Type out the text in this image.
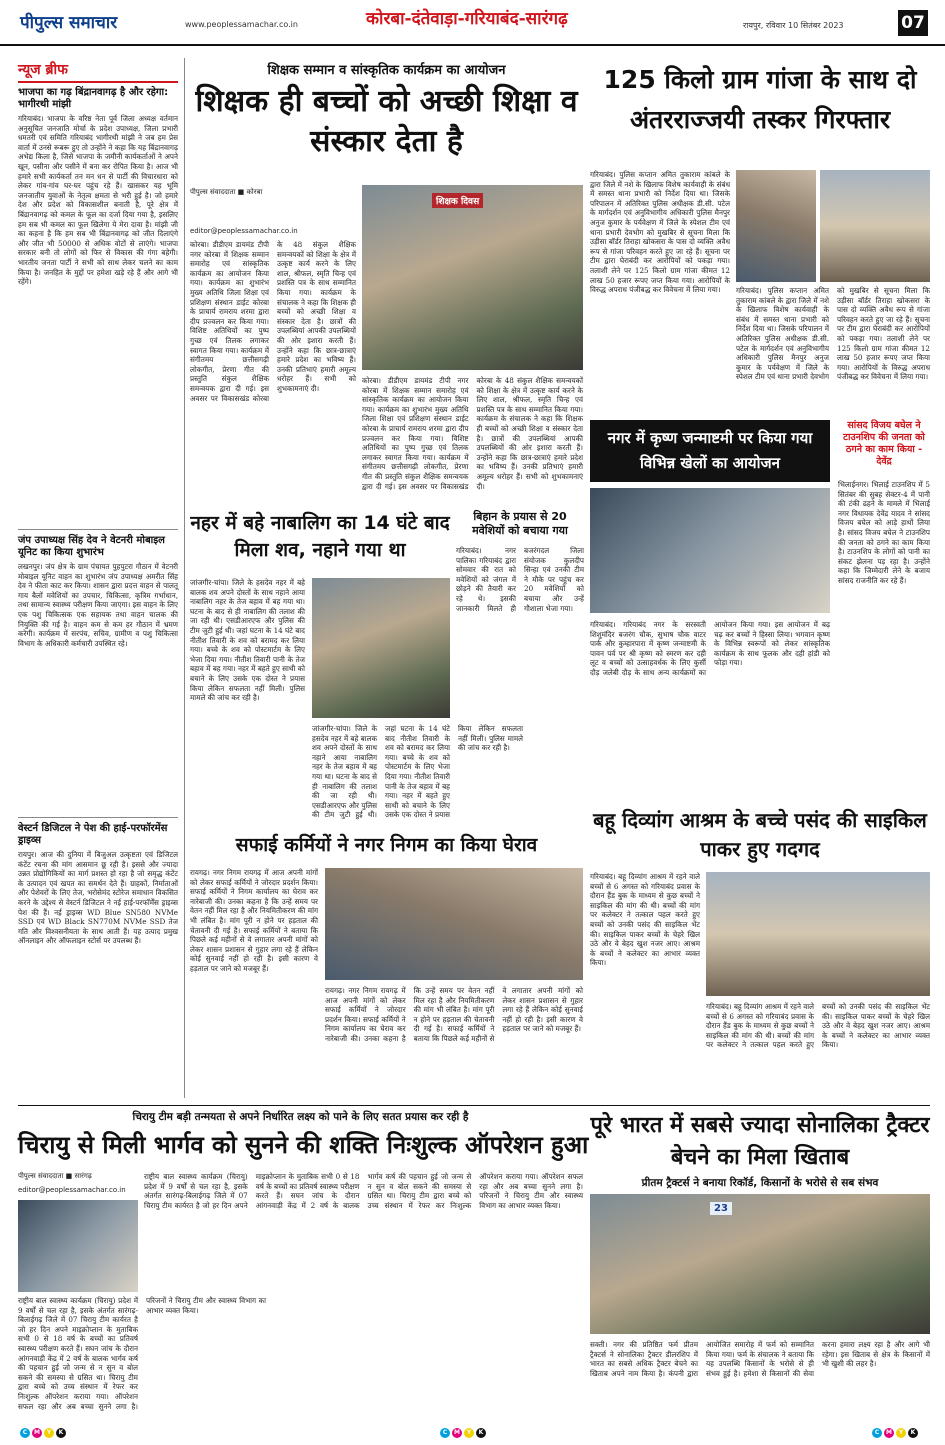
पीपुल्स समाचार	www.peoplessamachar.co.in	कोरबा-दंतेवाड़ा-गरियाबंद-सारंगढ़	रायपुर, रविवार 10 सितंबर 2023	07
न्यूज ब्रीफ
भाजपा का गढ़ बिंद्रानवागढ़ है और रहेगा: भागीरथी मांझी
गरियाबंद। भाजपा के वरिष्ठ नेता पूर्व जिला अध्यक्ष वर्तमान अनुसूचित जनजाति मोर्चा के प्रदेश उपाध्यक्ष, जिला प्रभारी धमतरी एवं समिति गरियाबंद भागीरथी मांझी ने जब हम प्रेस वार्ता में उनसे रूबरू हुए तो उन्होंने ने कहा कि यह बिंद्रानवागढ़ अभेद्य किला है, जिसे भाजपा के जमीनी कार्यकर्ताओं ने अपने खून, पसीना और पसीने में बना कर रोपित किया है। आज भी हमारे सभी कार्यकर्ता तन मन धन से पार्टी की विचारधारा को लेकर गांव-गांव घर-घर पहुंच रहे हैं। खासकर यह भूमि जनजातीय युवाओं के नेतृत्व क्षमता से भरी हुई है। जो हमारे देश और प्रदेश को विकासशील बनाती है, पूरे क्षेत्र में बिंद्रानवागढ़ को कमल के फूल का दर्जा दिया गया है, इसलिए हम सब भी कमल का फूल खिलेगा ये मेरा दावा है। मांझी जी का कहना है कि हम सब भी बिंद्रानवागढ़ को जीत दिलाएंगे और जीत भी 50000 से अधिक वोटों से लाएंगे। भाजपा सरकार बनी तो लोगों को फिर से विकास की गंगा बहेगी। भारतीय जनता पार्टी ने सभी को साथ लेकर चलने का काम किया है। जनहित के मुद्दों पर हमेशा खड़े रहे हैं और आगे भी रहेंगे।
जंप उपाध्यक्ष सिंह देव ने वेटनरी मोबाइल यूनिट का किया शुभारंभ
लखनपुर। जंप क्षेत्र के ग्राम पंचायत पुहपुटरा गौठान में वेटनरी मोबाइल यूनिट वाहन का शुभारंभ जंप उपाध्यक्ष अमरीत सिंह देव ने फीता काट कर किया। शासन द्वारा प्रदत्त वाहन से पालतू गाय बैलों मवेशियों का उपचार, चिकित्सा, कृत्रिम गर्भाधान, तथा सामान्य स्वास्थ्य परीक्षण किया जाएगा। इस वाहन के लिए एक पशु चिकित्सक एक सहायक तथा वाहन चालक की नियुक्ति की गई है। वाहन कम से कम हर गौठान में भ्रमण करेगी। कार्यक्रम में सरपंच, सचिव, ग्रामीण व पशु चिकित्सा विभाग के अधिकारी कर्मचारी उपस्थित रहे।
वेस्टर्न डिजिटल ने पेश की हाई-परफॉरमेंस ड्राइव्स
रायपुर। आज की दुनिया में बिजुअल उत्कृष्टता एवं डिजिटल कंटेंट रचना की मांग आसमान छू रही है। इससे और ज्यादा उन्नत प्रोद्योगिकियों का मार्ग प्रशस्त हो रहा है जो समृद्ध कंटेंट के उत्पादन एवं खपत का समर्थन देते हैं। ग्राहकों, निर्माताओं और पेशेवरों के लिए तेज, भरोसेमंद स्टोरेज समाधान विकसित करने के उद्देश्य से वेस्टर्न डिजिटल ने नई हाई-परफॉर्मेंस ड्राइव्स पेश की हैं। नई ड्राइव्स WD Blue SN580 NVMe SSD एवं WD Black SN770M NVMe SSD तेज गति और विश्वसनीयता के साथ आती हैं। यह उत्पाद प्रमुख ऑनलाइन और ऑफलाइन स्टोर्स पर उपलब्ध हैं।
शिक्षक सम्मान व सांस्कृतिक कार्यक्रम का आयोजन
शिक्षक ही बच्चों को अच्छी शिक्षा व संस्कार देता है
पीपुल्स संवाददाता ■ कोरबा
शिक्षक दिवस
editor@peoplessamachar.co.in
कोरबा। डीडीएम डायमंड टीपी नगर कोरबा में शिक्षक सम्मान समारोह एवं सांस्कृतिक कार्यक्रम का आयोजन किया गया। कार्यक्रम का शुभारंभ मुख्य अतिथि जिला शिक्षा एवं प्रशिक्षण संस्थान डाईट कोरबा के प्राचार्य रामराय शरमा द्वारा दीप प्रज्वलन कर किया गया। विशिष्ट अतिथियों का पुष्प गुच्छ एवं तिलक लगाकर स्वागत किया गया। कार्यक्रम में संगीतमय छत्तीसगढ़ी लोकगीत, प्रेरणा गीत की प्रस्तुति संकुल शैक्षिक समन्वयक द्वारा दी गई। इस अवसर पर विकासखंड कोरबा के 48 संकुल शैक्षिक समन्वयकों को शिक्षा के क्षेत्र में उत्कृष्ट कार्य करने के लिए शाल, श्रीफल, स्मृति चिन्ह एवं प्रशस्ति पत्र के साथ सम्मानित किया गया। कार्यक्रम के संचालक ने कहा कि शिक्षक ही बच्चों को अच्छी शिक्षा व संस्कार देता है। छात्रों की उपलब्धियां आपकी उपलब्धियों की ओर इशारा करती हैं। उन्होंने कहा कि छात्र-छात्राएं हमारे प्रदेश का भविष्य हैं। उनकी प्रतिभाएं हमारी अमूल्य धरोहर हैं। सभी को शुभकामनाएं दी।
कोरबा। डीडीएम डायमंड टीपी नगर कोरबा में शिक्षक सम्मान समारोह एवं सांस्कृतिक कार्यक्रम का आयोजन किया गया। कार्यक्रम का शुभारंभ मुख्य अतिथि जिला शिक्षा एवं प्रशिक्षण संस्थान डाईट कोरबा के प्राचार्य रामराय शरमा द्वारा दीप प्रज्वलन कर किया गया। विशिष्ट अतिथियों का पुष्प गुच्छ एवं तिलक लगाकर स्वागत किया गया। कार्यक्रम में संगीतमय छत्तीसगढ़ी लोकगीत, प्रेरणा गीत की प्रस्तुति संकुल शैक्षिक समन्वयक द्वारा दी गई। इस अवसर पर विकासखंड कोरबा के 48 संकुल शैक्षिक समन्वयकों को शिक्षा के क्षेत्र में उत्कृष्ट कार्य करने के लिए शाल, श्रीफल, स्मृति चिन्ह एवं प्रशस्ति पत्र के साथ सम्मानित किया गया। कार्यक्रम के संचालक ने कहा कि शिक्षक ही बच्चों को अच्छी शिक्षा व संस्कार देता है। छात्रों की उपलब्धियां आपकी उपलब्धियों की ओर इशारा करती हैं। उन्होंने कहा कि छात्र-छात्राएं हमारे प्रदेश का भविष्य हैं। उनकी प्रतिभाएं हमारी अमूल्य धरोहर हैं। सभी को शुभकामनाएं दी।
125 किलो ग्राम गांजा के साथ दो अंतरराज्जयी तस्कर गिरफ्तार
गरियाबंद। पुलिस कप्तान अमित तुकाराम कांबले के द्वारा जिले में नशे के खिलाफ विशेष कार्यवाही के संबंध में समस्त थाना प्रभारी को निर्देश दिया था। जिसके परिपालन में अतिरिक्त पुलिस अधीक्षक डी.सी. पटेल के मार्गदर्शन एवं अनुविभागीय अधिकारी पुलिस मैनपुर अनुज कुमार के पर्यवेक्षण में जिले के स्पेशल टीम एवं थाना प्रभारी देवभोग को मुखबिर से सूचना मिला कि उड़ीसा बॉर्डर तिराहा खोकसरा के पास दो व्यक्ति अवैध रूप से गांजा परिवहन करते हुए जा रहे हैं। सूचना पर टीम द्वारा घेराबंदी कर आरोपियों को पकड़ा गया। तलाशी लेने पर 125 किलो ग्राम गांजा कीमत 12 लाख 50 हजार रूपए जप्त किया गया। आरोपियों के विरुद्ध अपराध पंजीबद्ध कर विवेचना में लिया गया।	गरियाबंद। पुलिस कप्तान अमित तुकाराम कांबले के द्वारा जिले में नशे के खिलाफ विशेष कार्यवाही के संबंध में समस्त थाना प्रभारी को निर्देश दिया था। जिसके परिपालन में अतिरिक्त पुलिस अधीक्षक डी.सी. पटेल के मार्गदर्शन एवं अनुविभागीय अधिकारी पुलिस मैनपुर अनुज कुमार के पर्यवेक्षण में जिले के स्पेशल टीम एवं थाना प्रभारी देवभोग को मुखबिर से सूचना मिला कि उड़ीसा बॉर्डर तिराहा खोकसरा के पास दो व्यक्ति अवैध रूप से गांजा परिवहन करते हुए जा रहे हैं। सूचना पर टीम द्वारा घेराबंदी कर आरोपियों को पकड़ा गया। तलाशी लेने पर 125 किलो ग्राम गांजा कीमत 12 लाख 50 हजार रूपए जप्त किया गया। आरोपियों के विरुद्ध अपराध पंजीबद्ध कर विवेचना में लिया गया।
नगर में कृष्ण जन्माष्टमी पर किया गया विभिन्न खेलों का आयोजन
गरियाबंद। गरियाबंद नगर के सरस्वती शिशुमंदिर बजरंग चौक, सुभाष चौक वाटर पार्क और कुम्हारपारा में कृष्ण जन्माष्टमी के पावन पर्व पर श्री कृष्ण को स्मरण कर दही लूट व बच्चों को उत्साहवर्धक के लिए कुर्सी दौड़ जलेबी दौड़ के साथ अन्य कार्यक्रमों का आयोजन किया गया। इस आयोजन में बढ़ चढ़ कर बच्चों ने हिस्सा लिया। भगवान कृष्ण के विभिन्न स्वरूपों को लेकर सांस्कृतिक कार्यक्रम के साथ फूलक और दही हांडी को फोड़ा गया।
सांसद विजय बघेल ने टाउनशिप की जनता को ठगने का काम किया - देवेंद्र
भिलाईनगर। भिलाई टाउनशिप में 5 सितंबर की सुबह सेक्टर-4 में पानी की टंकी ढहने के मामले में भिलाई नगर विधायक देवेंद्र यादव ने सांसद विजय बघेल को आड़े हाथों लिया है। सांसद विजय बघेल ने टाउनशिप की जनता को ठगने का काम किया है। टाउनशिप के लोगों को पानी का संकट झेलना पड़ रहा है। उन्होंने कहा कि जिम्मेदारी लेने के बजाय सांसद राजनीति कर रहे हैं।
नहर में बहे नाबालिग का 14 घंटे बाद मिला शव, नहाने गया था
जांजगीर-चांपा। जिले के हसदेव नहर में बहे बालक शव अपने दोस्तों के साथ नहाने आया नाबालिग नहर के तेज बहाव में बह गया था। घटना के बाद से ही नाबालिग की तलाश की जा रही थी। एसडीआरएफ और पुलिस की टीम जुटी हुई थी। जहां घटना के 14 घंटे बाद नीतीश तिवारी के शव को बरामद कर लिया गया। बच्चे के शव को पोस्टमार्टम के लिए भेजा दिया गया। नीतीश तिवारी पानी के तेज बहाव में बह गया। नहर में बहते हुए साथी को बचाने के लिए उसके एक दोस्त ने प्रयास किया लेकिन सफलता नहीं मिली। पुलिस मामले की जांच कर रही है।
जांजगीर-चांपा। जिले के हसदेव नहर में बहे बालक शव अपने दोस्तों के साथ नहाने आया नाबालिग नहर के तेज बहाव में बह गया था। घटना के बाद से ही नाबालिग की तलाश की जा रही थी। एसडीआरएफ और पुलिस की टीम जुटी हुई थी। जहां घटना के 14 घंटे बाद नीतीश तिवारी के शव को बरामद कर लिया गया। बच्चे के शव को पोस्टमार्टम के लिए भेजा दिया गया। नीतीश तिवारी पानी के तेज बहाव में बह गया। नहर में बहते हुए साथी को बचाने के लिए उसके एक दोस्त ने प्रयास किया लेकिन सफलता नहीं मिली। पुलिस मामले की जांच कर रही है।
बिहान के प्रयास से 20 मवेशियों को बचाया गया
गरियाबंद। नगर पालिका गरियाबंद द्वारा सोमवार की रात को मवेशियों को जंगल में छोड़ने की तैयारी कर रहे थे। इसकी जानकारी मिलते ही बजरंगदल जिला संयोजक कुलदीप सिन्हा एवं उनकी टीम ने मौके पर पहुंच कर 20 मवेशियों को बचाया और उन्हें गौशाला भेजा गया।
सफाई कर्मियों ने नगर निगम का किया घेराव
रायगढ़। नगर निगम रायगढ़ में आज अपनी मांगों को लेकर सफाई कर्मियों ने जोरदार प्रदर्शन किया। सफाई कर्मियों ने निगम कार्यालय का घेराव कर नारेबाजी की। उनका कहना है कि उन्हें समय पर वेतन नहीं मिल रहा है और नियमितीकरण की मांग भी लंबित है। मांग पूरी न होने पर हड़ताल की चेतावनी दी गई है। सफाई कर्मियों ने बताया कि पिछले कई महीनों से वे लगातार अपनी मांगों को लेकर शासन प्रशासन से गुहार लगा रहे हैं लेकिन कोई सुनवाई नहीं हो रही है। इसी कारण वे हड़ताल पर जाने को मजबूर हैं।
रायगढ़। नगर निगम रायगढ़ में आज अपनी मांगों को लेकर सफाई कर्मियों ने जोरदार प्रदर्शन किया। सफाई कर्मियों ने निगम कार्यालय का घेराव कर नारेबाजी की। उनका कहना है कि उन्हें समय पर वेतन नहीं मिल रहा है और नियमितीकरण की मांग भी लंबित है। मांग पूरी न होने पर हड़ताल की चेतावनी दी गई है। सफाई कर्मियों ने बताया कि पिछले कई महीनों से वे लगातार अपनी मांगों को लेकर शासन प्रशासन से गुहार लगा रहे हैं लेकिन कोई सुनवाई नहीं हो रही है। इसी कारण वे हड़ताल पर जाने को मजबूर हैं।
बहू दिव्यांग आश्रम के बच्चे पसंद की साइकिल पाकर हुए गदगद
गरियाबंद। बहू दिव्यांग आश्रम में रहने वाले बच्चों से 6 अगस्त को गरियाबंद प्रवास के दौरान हैंड बुक के माध्यम से कुछ बच्चों ने साइकिल की मांग की थी। बच्चों की मांग पर कलेक्टर ने तत्काल पहल करते हुए बच्चों को उनकी पसंद की साइकिल भेंट की। साइकिल पाकर बच्चों के चेहरे खिल उठे और वे बेहद खुश नजर आए। आश्रम के बच्चों ने कलेक्टर का आभार व्यक्त किया।
गरियाबंद। बहू दिव्यांग आश्रम में रहने वाले बच्चों से 6 अगस्त को गरियाबंद प्रवास के दौरान हैंड बुक के माध्यम से कुछ बच्चों ने साइकिल की मांग की थी। बच्चों की मांग पर कलेक्टर ने तत्काल पहल करते हुए बच्चों को उनकी पसंद की साइकिल भेंट की। साइकिल पाकर बच्चों के चेहरे खिल उठे और वे बेहद खुश नजर आए। आश्रम के बच्चों ने कलेक्टर का आभार व्यक्त किया।
चिरायु टीम बड़ी तन्मयता से अपने निर्धारित लक्ष्य को पाने के लिए सतत प्रयास कर रही है
चिरायु से मिली भार्गव को सुनने की शक्ति निःशुल्क ऑपरेशन हुआ
पीपुल्स संवाददाता ■ सारंगढ़
editor@peoplessamachar.co.in
राष्ट्रीय बाल स्वास्थ्य कार्यक्रम (चिरायु) प्रदेश में 9 वर्षों से चल रहा है, इसके अंतर्गत सारंगढ़-बिलाईगढ़ जिले में 07 चिरायु टीम कार्यरत है जो हर दिन अपने माइक्रोप्लान के मुताबिक सभी 0 से 18 वर्ष के बच्चों का प्रतिवर्ष स्वास्थ्य परीक्षण करते हैं। सघन जांच के दौरान आंगनवाड़ी केंद्र में 2 वर्ष के बालक भार्गव कर्ष की पहचान हुई जो जन्म से न सुन व बोल सकने की समस्या से ग्रसित था। चिरायु टीम द्वारा बच्चे को उच्च संस्थान में रेफर कर निःशुल्क ऑपरेशन कराया गया। ऑपरेशन सफल रहा और अब बच्चा सुनने लगा है। परिजनों ने चिरायु टीम और स्वास्थ्य विभाग का आभार व्यक्त किया।
राष्ट्रीय बाल स्वास्थ्य कार्यक्रम (चिरायु) प्रदेश में 9 वर्षों से चल रहा है, इसके अंतर्गत सारंगढ़-बिलाईगढ़ जिले में 07 चिरायु टीम कार्यरत है जो हर दिन अपने माइक्रोप्लान के मुताबिक सभी 0 से 18 वर्ष के बच्चों का प्रतिवर्ष स्वास्थ्य परीक्षण करते हैं। सघन जांच के दौरान आंगनवाड़ी केंद्र में 2 वर्ष के बालक भार्गव कर्ष की पहचान हुई जो जन्म से न सुन व बोल सकने की समस्या से ग्रसित था। चिरायु टीम द्वारा बच्चे को उच्च संस्थान में रेफर कर निःशुल्क ऑपरेशन कराया गया। ऑपरेशन सफल रहा और अब बच्चा सुनने लगा है। परिजनों ने चिरायु टीम और स्वास्थ्य विभाग का आभार व्यक्त किया।
पूरे भारत में सबसे ज्यादा सोनालिका ट्रैक्टर बेचने का मिला खिताब
प्रीतम ट्रैक्टर्स ने बनाया रिकॉर्ड, किसानों के भरोसे से सब संभव
23
सक्ती। नगर की प्रतिष्ठित फर्म प्रीतम ट्रैक्टर्स ने सोनालिका ट्रैक्टर डीलरशिप में भारत का सबसे अधिक ट्रैक्टर बेचने का खिताब अपने नाम किया है। कंपनी द्वारा आयोजित समारोह में फर्म को सम्मानित किया गया। फर्म के संचालक ने बताया कि यह उपलब्धि किसानों के भरोसे से ही संभव हुई है। हमेशा से किसानों की सेवा करना हमारा लक्ष्य रहा है और आगे भी रहेगा। इस खिताब से क्षेत्र के किसानों में भी खुशी की लहर है।
C	M	Y	K	C	M	Y	K	C	M	Y	K
